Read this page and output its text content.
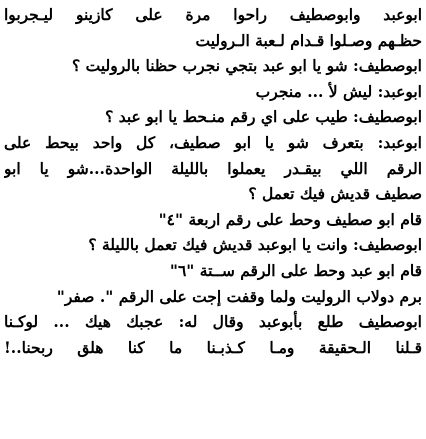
ابوعبد وابوصطيف راحوا مرة على كازينو ليـجربوا
حظـهم وصـلوا قـدام لـعبة الـروليت
ابوصطيف: شو يا ابو عبد بتجي نجرب حظنا بالروليت ؟
ابوعبد: ليش لأ ... منجرب
ابوصطيف: طيب على اي رقم منـحط يا ابو عبد ؟
ابوعبد: بتعرف شو يا ابو صطيف، كل واحد بيحط على
الرقم اللي بيقـدر يعملوا بالليلة الواحدة...شو يا ابو
صطيف قديش فيك تعمل ؟
قام ابو صطيف وحط على رقم اربعة "٤"
ابوصطيف: وانت يا ابوعبد قديش فيك تعمل بالليلة ؟
قام ابو عبد وحط على الرقم ســتة "٦"
برم دولاب الروليت ولما وقفت إجت على الرقم ". صفر"
ابوصطيف طلع بأبوعبد وقال له: عجبك هيك ... لوكـنا
قـلنا الـحقيقة ومـا كـذبـنا ما كنا هلق ربحنا..!
